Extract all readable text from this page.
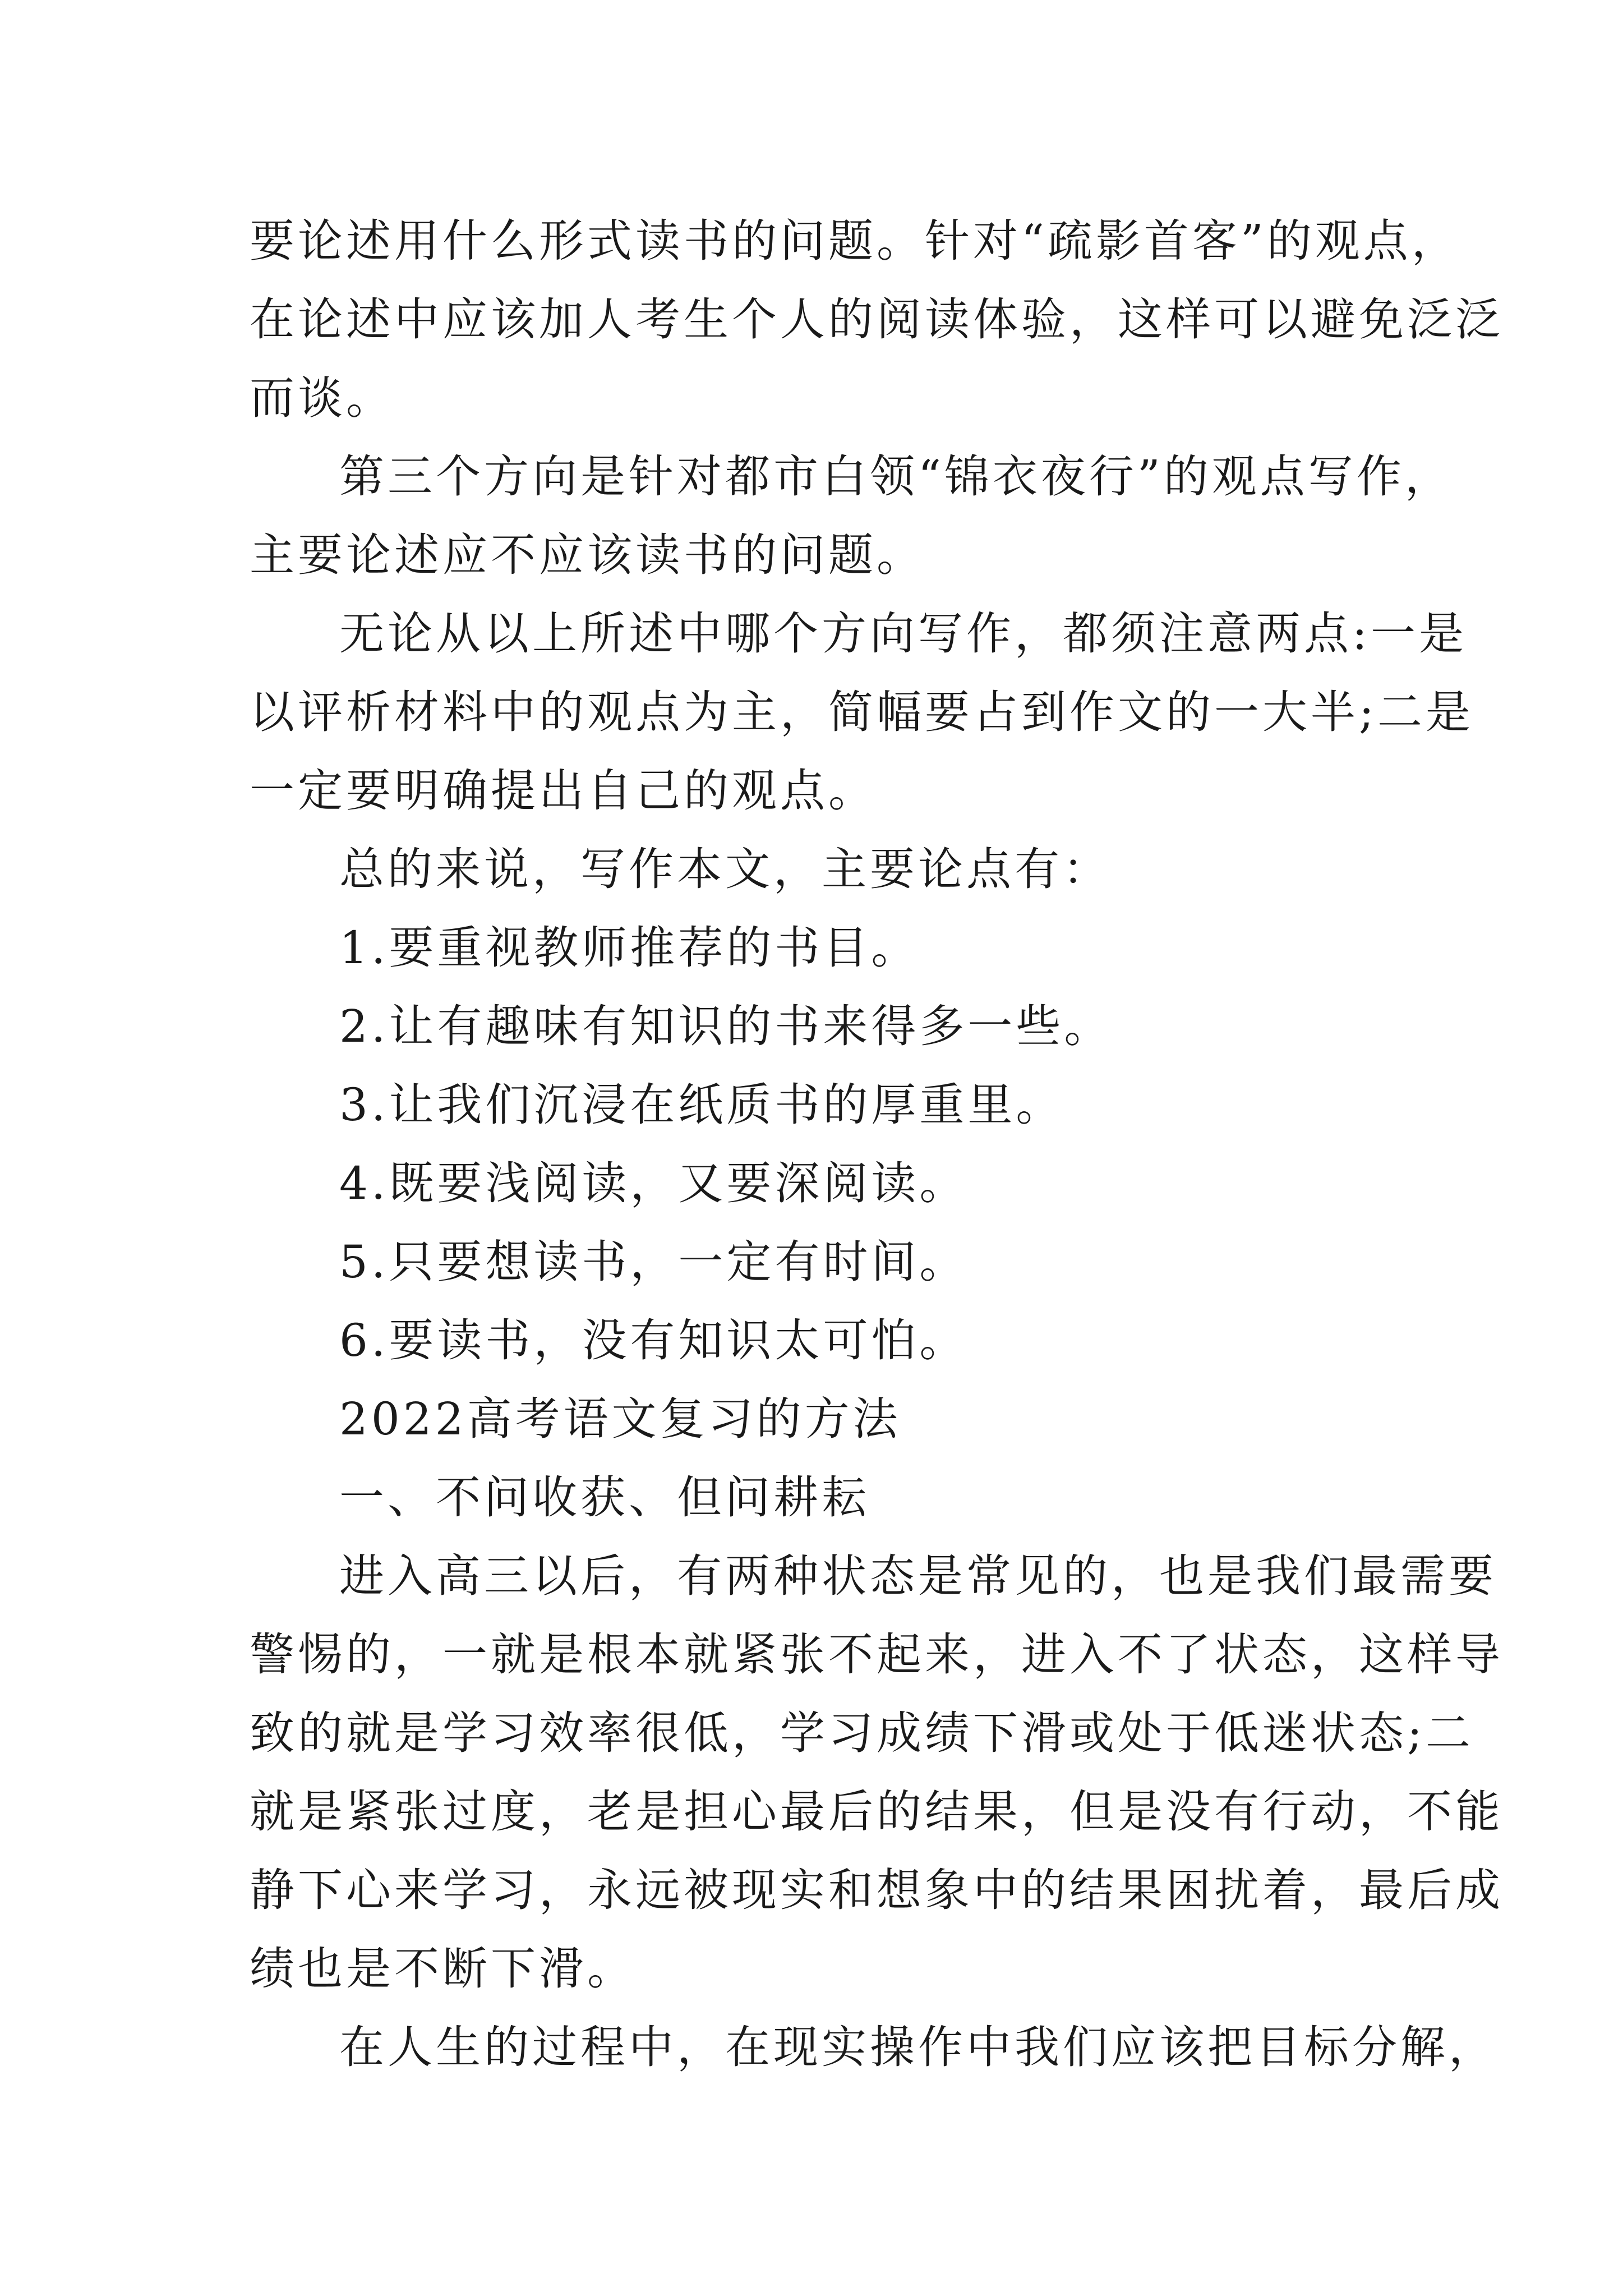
要论述用什么形式读书的问题。针对“疏影首客”的观点，
在论述中应该加人考生个人的阅读体验，这样可以避免泛泛
而谈。
第三个方向是针对都市白领“锦衣夜行”的观点写作，
主要论述应不应该读书的问题。
无论从以上所述中哪个方向写作，都须注意两点:一是
以评析材料中的观点为主，简幅要占到作文的一大半;二是
一定要明确提出自己的观点。
总的来说，写作本文，主要论点有：
1.要重视教师推荐的书目。
2.让有趣味有知识的书来得多一些。
3.让我们沉浸在纸质书的厚重里。
4.既要浅阅读，又要深阅读。
5.只要想读书，一定有时间。
6.要读书，没有知识太可怕。
2022高考语文复习的方法
一、不问收获、但问耕耘
进入高三以后，有两种状态是常见的，也是我们最需要
警惕的，一就是根本就紧张不起来，进入不了状态，这样导
致的就是学习效率很低，学习成绩下滑或处于低迷状态;二
就是紧张过度，老是担心最后的结果，但是没有行动，不能
静下心来学习，永远被现实和想象中的结果困扰着，最后成
绩也是不断下滑。
在人生的过程中，在现实操作中我们应该把目标分解，
